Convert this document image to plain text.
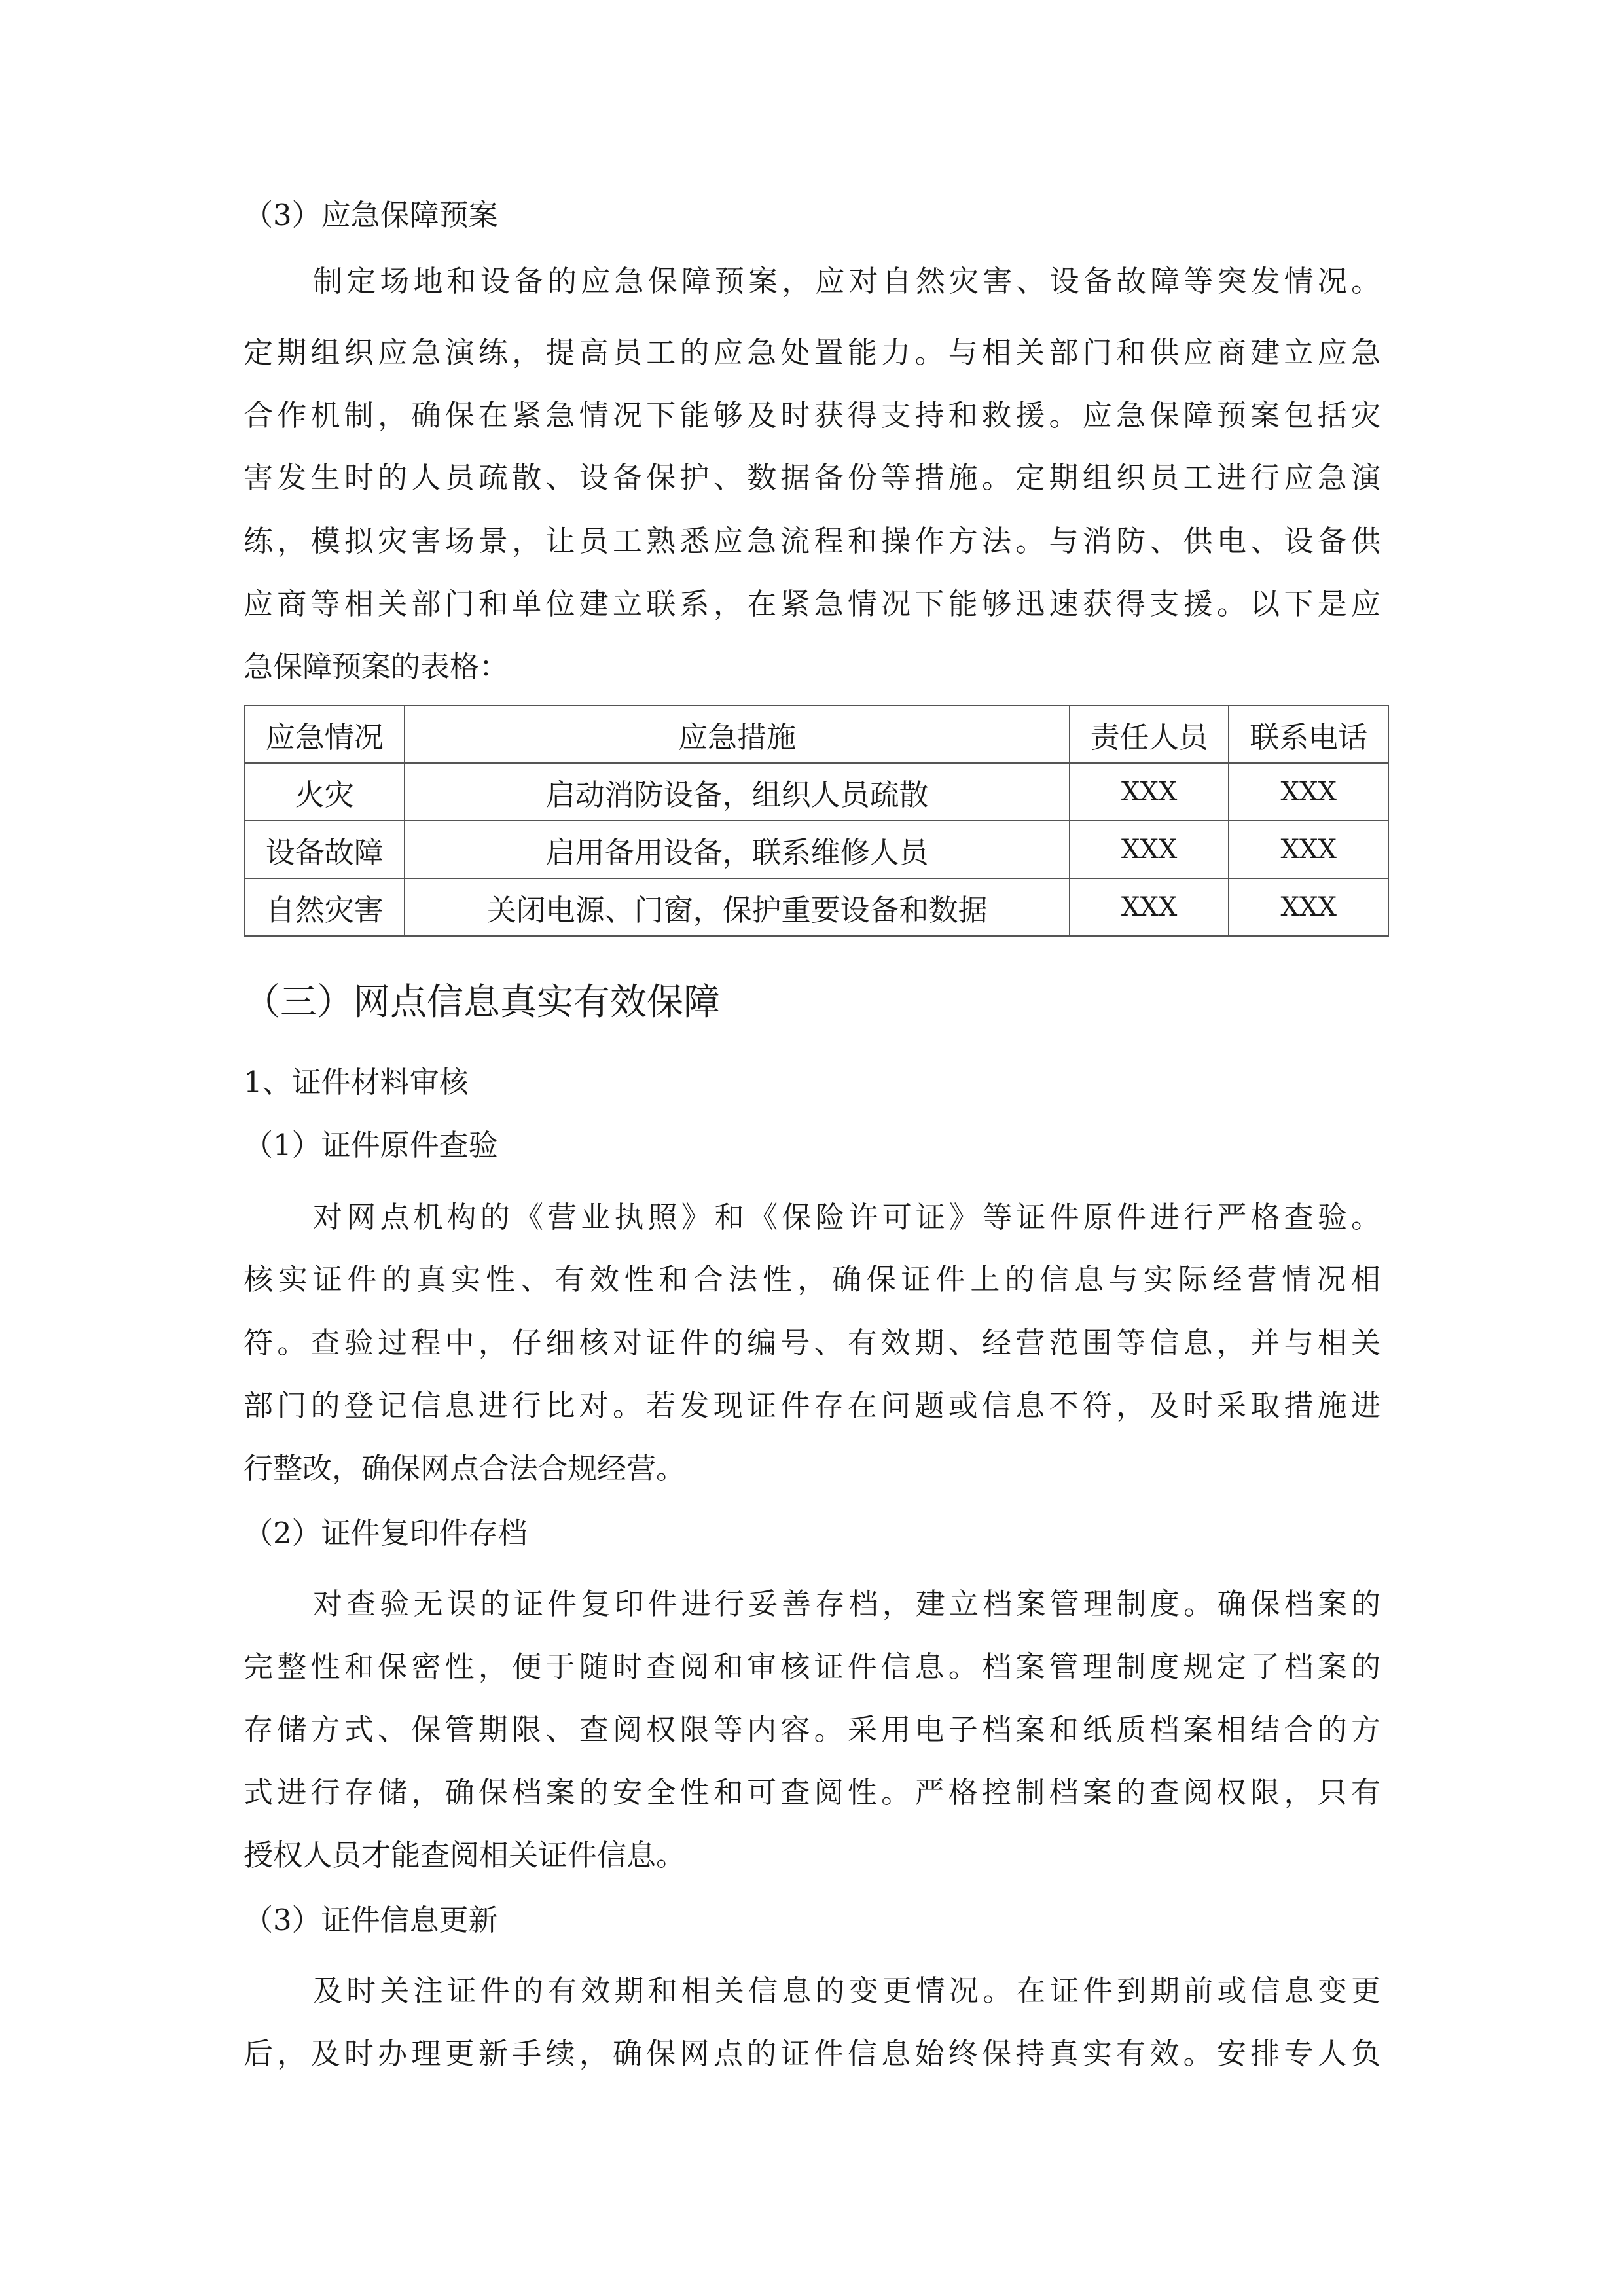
（3）应急保障预案
制定场地和设备的应急保障预案，应对自然灾害、设备故障等突发情况。
定期组织应急演练，提高员工的应急处置能力。与相关部门和供应商建立应急
合作机制，确保在紧急情况下能够及时获得支持和救援。应急保障预案包括灾
害发生时的人员疏散、设备保护、数据备份等措施。定期组织员工进行应急演
练，模拟灾害场景，让员工熟悉应急流程和操作方法。与消防、供电、设备供
应商等相关部门和单位建立联系，在紧急情况下能够迅速获得支援。以下是应
急保障预案的表格：
应急情况	应急措施	责任人员	联系电话
火灾	启动消防设备，组织人员疏散	XXX	XXX
设备故障	启用备用设备，联系维修人员	XXX	XXX
自然灾害	关闭电源、门窗，保护重要设备和数据	XXX	XXX
（三）网点信息真实有效保障
1、证件材料审核
（1）证件原件查验
对网点机构的《营业执照》和《保险许可证》等证件原件进行严格查验。
核实证件的真实性、有效性和合法性，确保证件上的信息与实际经营情况相
符。查验过程中，仔细核对证件的编号、有效期、经营范围等信息，并与相关
部门的登记信息进行比对。若发现证件存在问题或信息不符，及时采取措施进
行整改，确保网点合法合规经营。
（2）证件复印件存档
对查验无误的证件复印件进行妥善存档，建立档案管理制度。确保档案的
完整性和保密性，便于随时查阅和审核证件信息。档案管理制度规定了档案的
存储方式、保管期限、查阅权限等内容。采用电子档案和纸质档案相结合的方
式进行存储，确保档案的安全性和可查阅性。严格控制档案的查阅权限，只有
授权人员才能查阅相关证件信息。
（3）证件信息更新
及时关注证件的有效期和相关信息的变更情况。在证件到期前或信息变更
后，及时办理更新手续，确保网点的证件信息始终保持真实有效。安排专人负
